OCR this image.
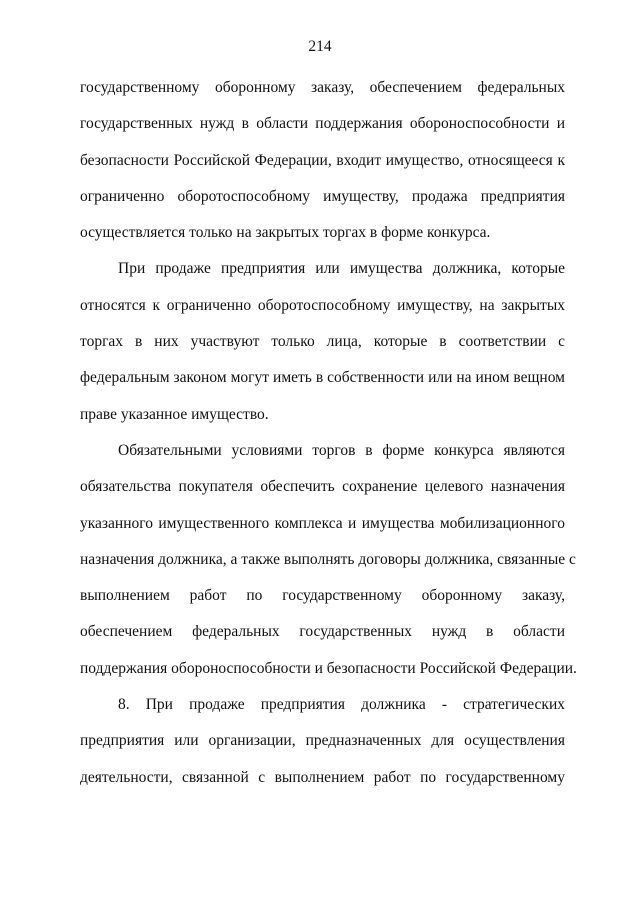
214
государственному оборонному заказу, обеспечением федеральных
государственных нужд в области поддержания обороноспособности и
безопасности Российской Федерации, входит имущество, относящееся к
ограниченно оборотоспособному имуществу, продажа предприятия
осуществляется только на закрытых торгах в форме конкурса.
При продаже предприятия или имущества должника, которые
относятся к ограниченно оборотоспособному имуществу, на закрытых
торгах в них участвуют только лица, которые в соответствии с
федеральным законом могут иметь в собственности или на ином вещном
праве указанное имущество.
Обязательными условиями торгов в форме конкурса являются
обязательства покупателя обеспечить сохранение целевого назначения
указанного имущественного комплекса и имущества мобилизационного
назначения должника, а также выполнять договоры должника, связанные с
выполнением работ по государственному оборонному заказу,
обеспечением федеральных государственных нужд в области
поддержания обороноспособности и безопасности Российской Федерации.
8. При продаже предприятия должника - стратегических
предприятия или организации, предназначенных для осуществления
деятельности, связанной с выполнением работ по государственному
